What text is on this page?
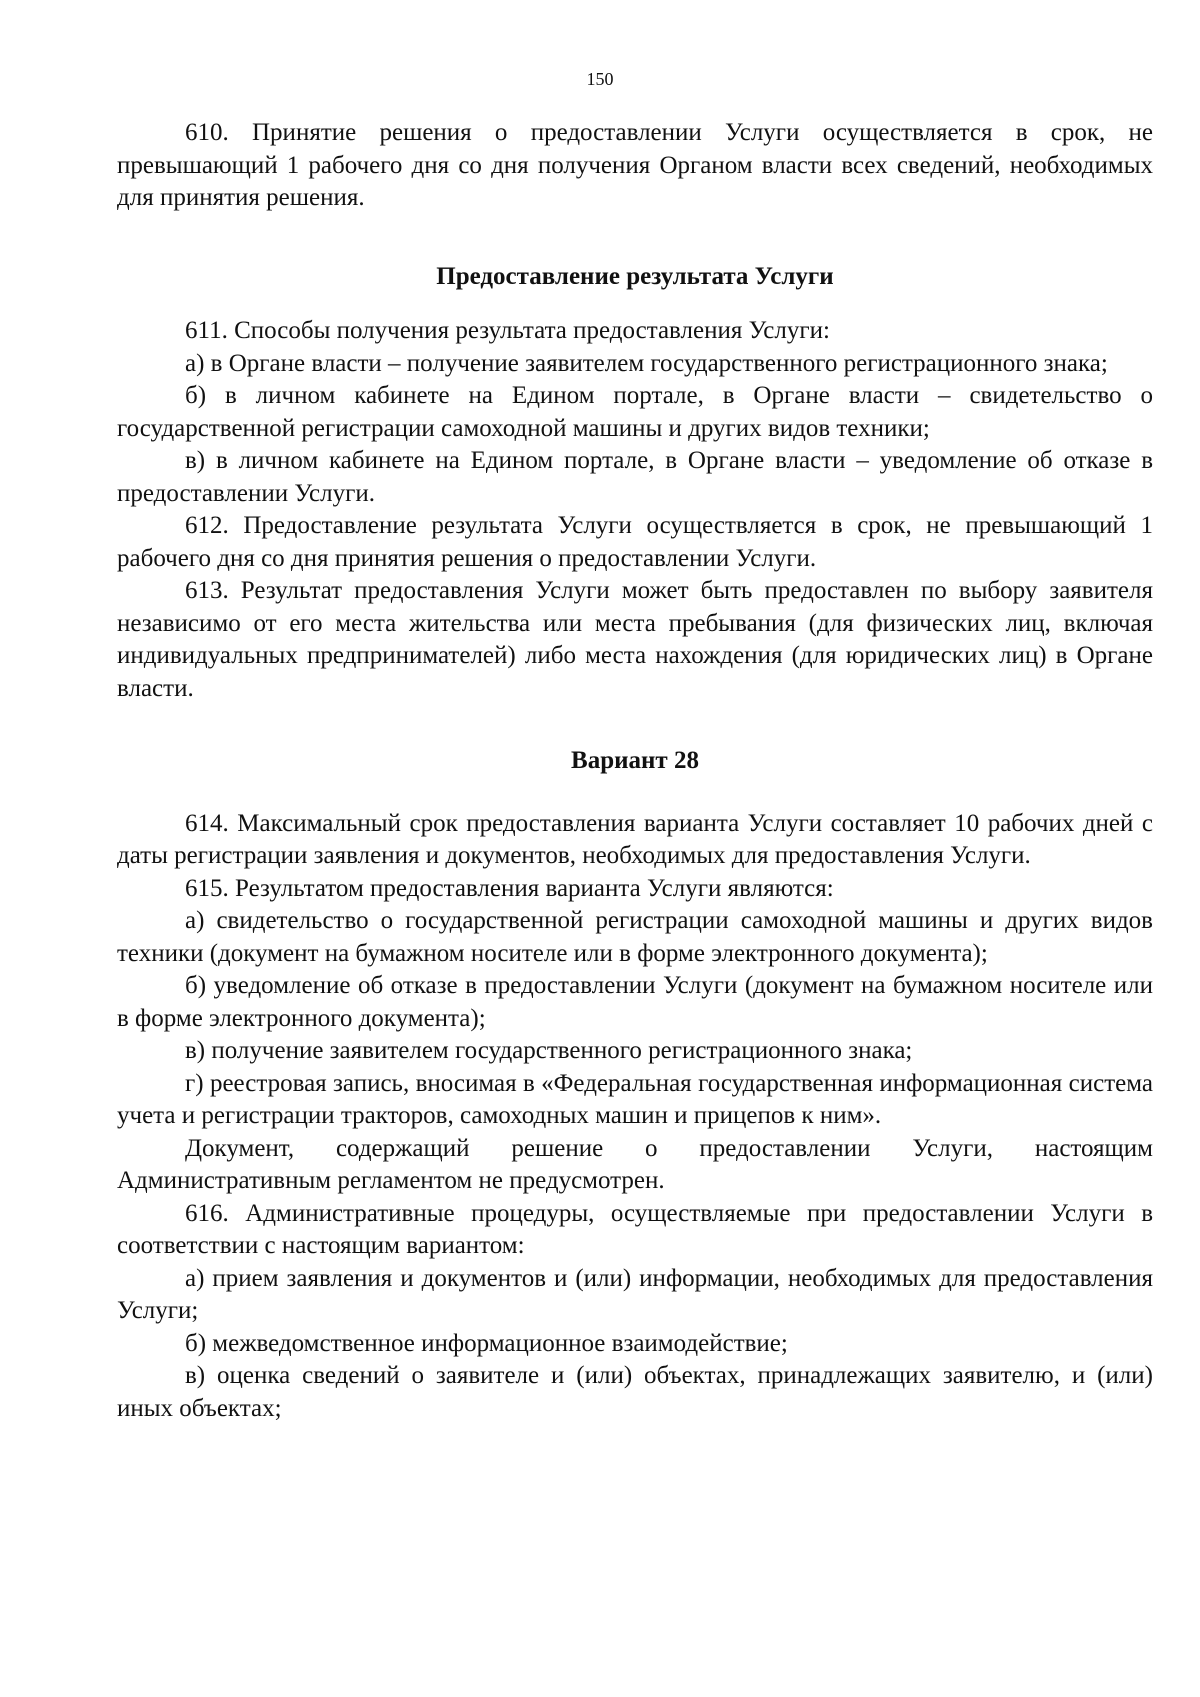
150

610. Принятие решения о предоставлении Услуги осуществляется в срок, не превышающий 1 рабочего дня со дня получения Органом власти всех сведений, необходимых для принятия решения.

Предоставление результата Услуги

611. Способы получения результата предоставления Услуги:

а) в Органе власти – получение заявителем государственного регистрационного знака;

б) в личном кабинете на Едином портале, в Органе власти – свидетельство о государственной регистрации самоходной машины и других видов техники;

в) в личном кабинете на Едином портале, в Органе власти – уведомление об отказе в предоставлении Услуги.

612. Предоставление результата Услуги осуществляется в срок, не превышающий 1 рабочего дня со дня принятия решения о предоставлении Услуги.

613. Результат предоставления Услуги может быть предоставлен по выбору заявителя независимо от его места жительства или места пребывания (для физических лиц, включая индивидуальных предпринимателей) либо места нахождения (для юридических лиц) в Органе власти.

Вариант 28

614. Максимальный срок предоставления варианта Услуги составляет 10 рабочих дней с даты регистрации заявления и документов, необходимых для предоставления Услуги.

615. Результатом предоставления варианта Услуги являются:

а) свидетельство о государственной регистрации самоходной машины и других видов техники (документ на бумажном носителе или в форме электронного документа);

б) уведомление об отказе в предоставлении Услуги (документ на бумажном носителе или в форме электронного документа);

в) получение заявителем государственного регистрационного знака;

г) реестровая запись, вносимая в «Федеральная государственная информационная система учета и регистрации тракторов, самоходных машин и прицепов к ним».

Документ, содержащий решение о предоставлении Услуги, настоящим Административным регламентом не предусмотрен.

616. Административные процедуры, осуществляемые при предоставлении Услуги в соответствии с настоящим вариантом:

а) прием заявления и документов и (или) информации, необходимых для предоставления Услуги;

б) межведомственное информационное взаимодействие;

в) оценка сведений о заявителе и (или) объектах, принадлежащих заявителю, и (или) иных объектах;
